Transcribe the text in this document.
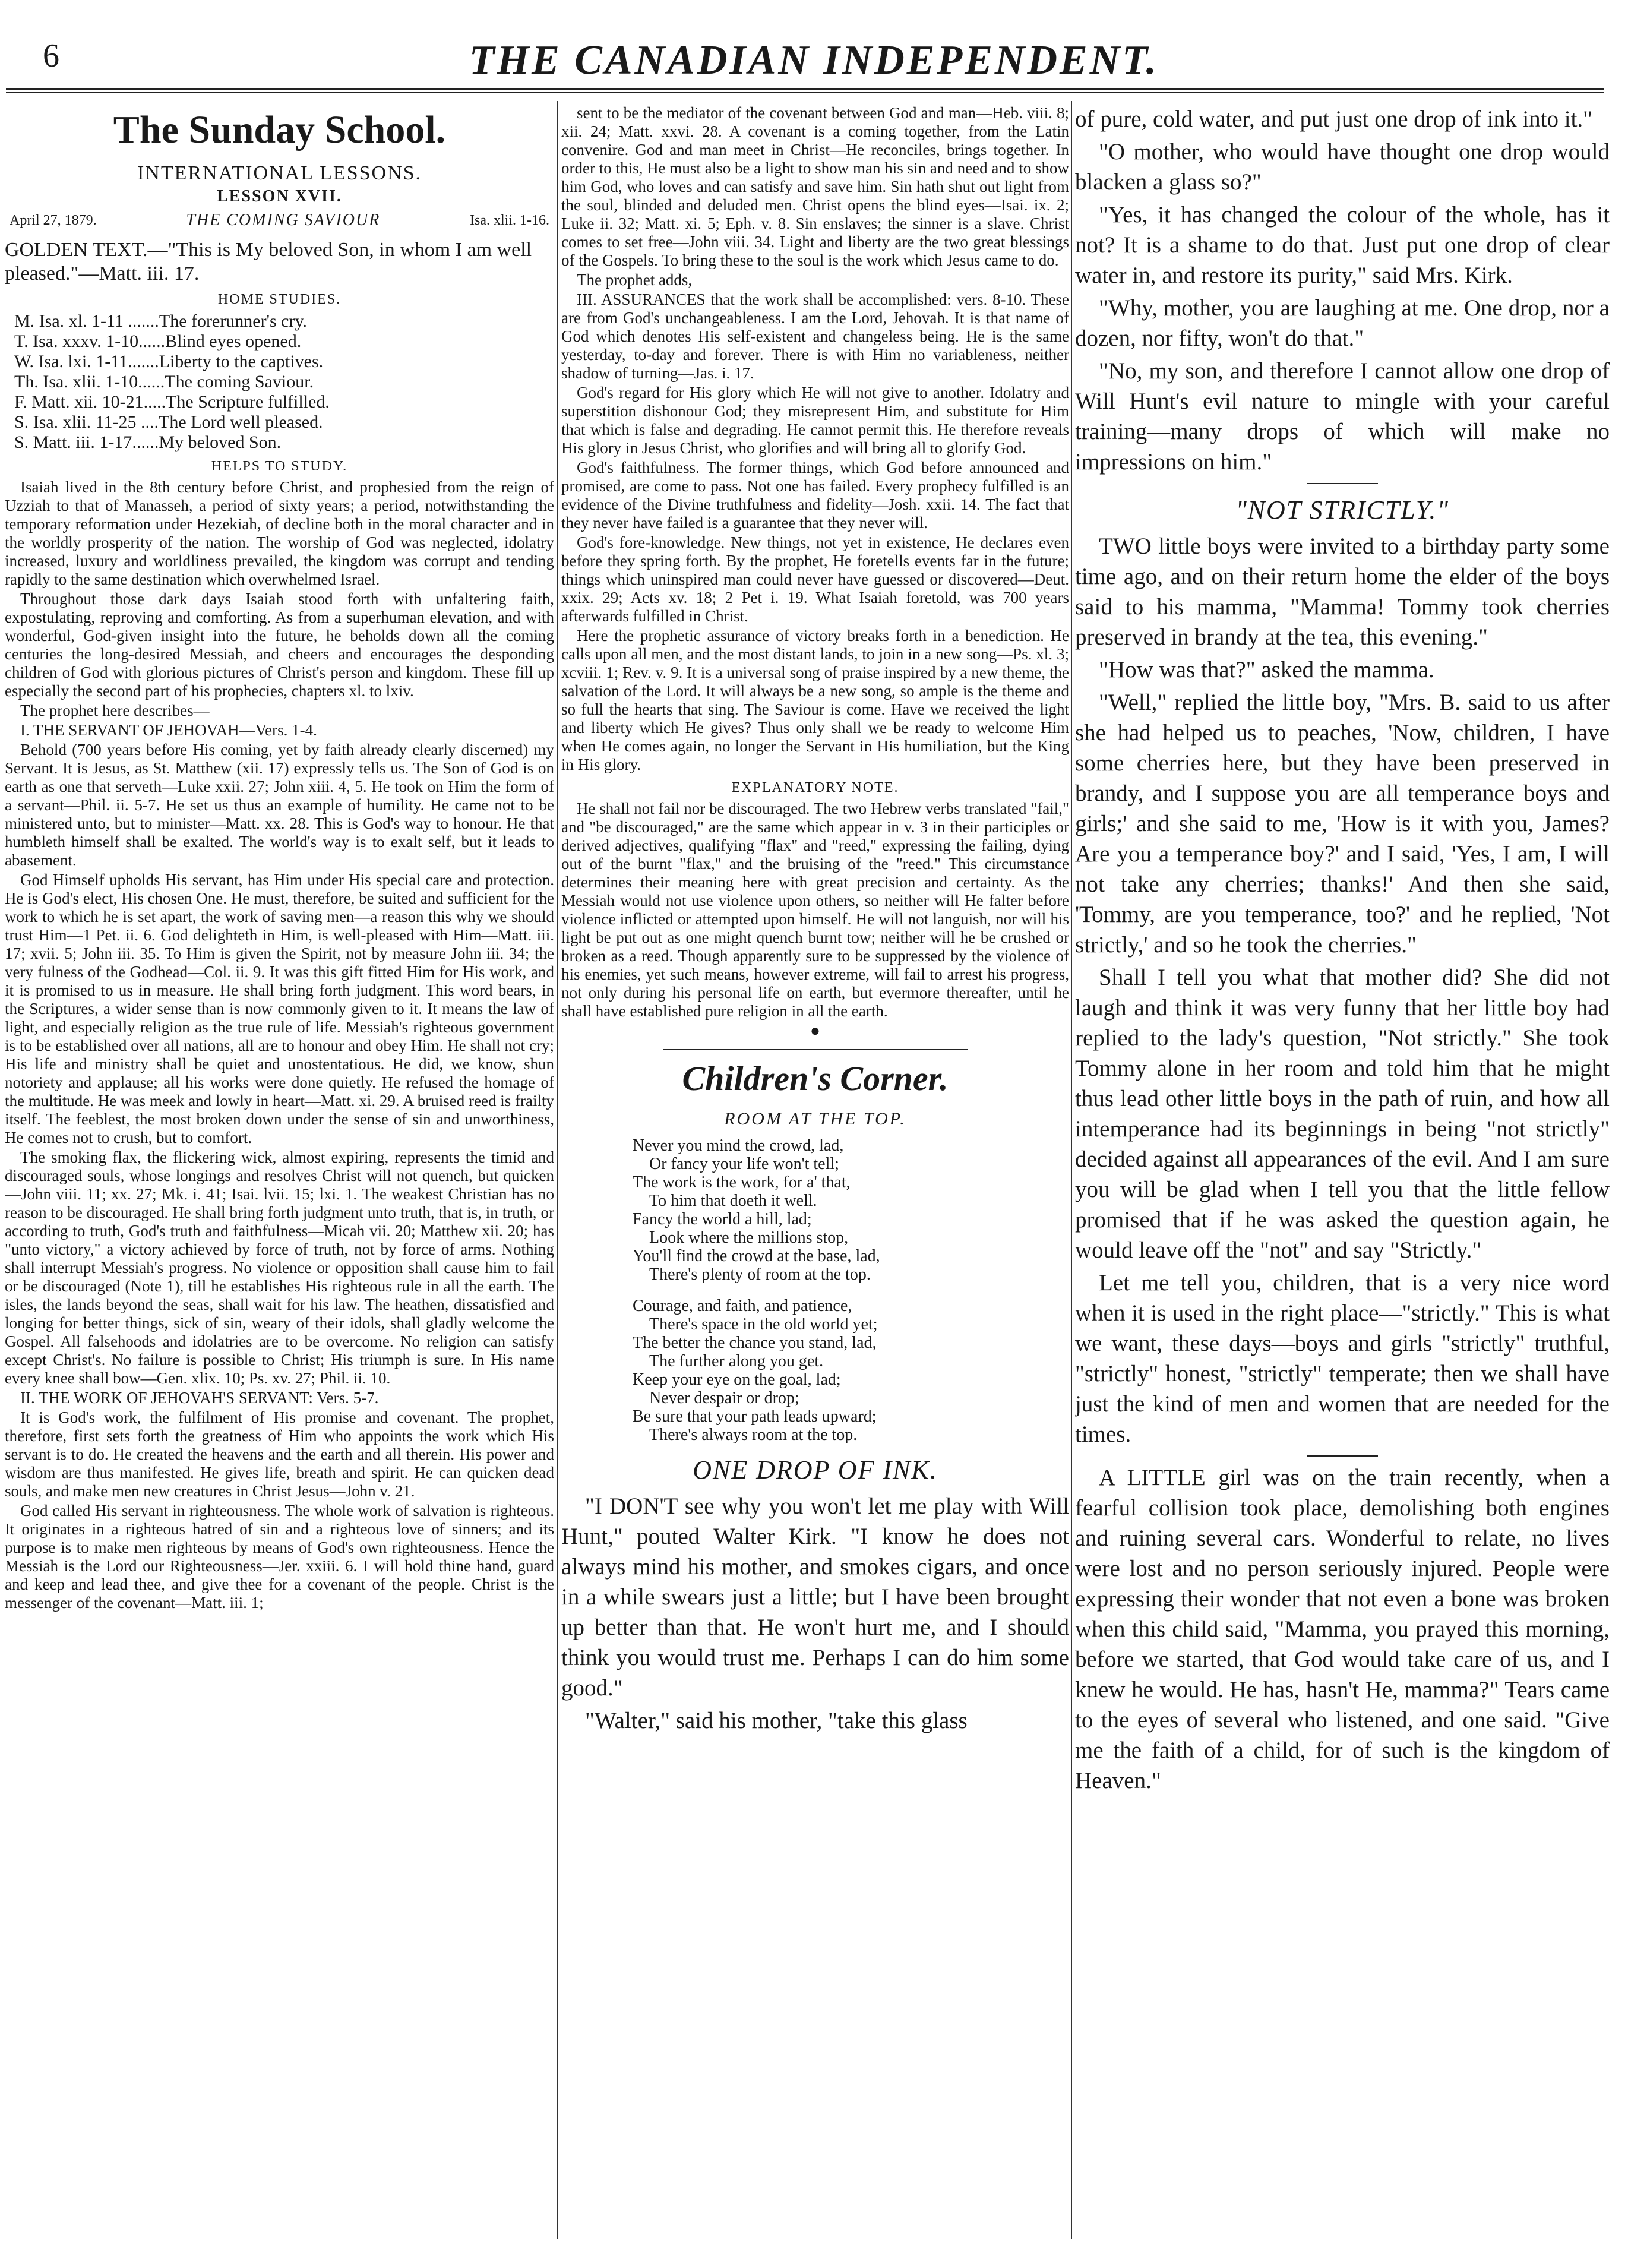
6	THE CANADIAN INDEPENDENT.
The Sunday School.
INTERNATIONAL LESSONS.
LESSON XVII.
April 27, 1879.	THE COMING SAVIOUR	Isa. xlii. 1-16.
GOLDEN TEXT.—"This is My beloved Son, in whom I am well pleased."—Matt. iii. 17.
HOME STUDIES.
M. Isa. xl. 1-11 .......The forerunner's cry.
T. Isa. xxxv. 1-10......Blind eyes opened.
W. Isa. lxi. 1-11.......Liberty to the captives.
Th. Isa. xlii. 1-10......The coming Saviour.
F. Matt. xii. 10-21.....The Scripture fulfilled.
S. Isa. xlii. 11-25 ....The Lord well pleased.
S. Matt. iii. 1-17......My beloved Son.
HELPS TO STUDY.

Isaiah lived in the 8th century before Christ, and prophesied from the reign of Uzziah to that of Manasseh, a period of sixty years; a period, notwithstanding the temporary reformation under Hezekiah, of decline both in the moral character and in the worldly prosperity of the nation. The worship of God was neglected, idolatry increased, luxury and worldliness prevailed, the kingdom was corrupt and tending rapidly to the same destination which overwhelmed Israel.

Throughout those dark days Isaiah stood forth with unfaltering faith, expostulating, reproving and comforting. As from a superhuman elevation, and with wonderful, God-given insight into the future, he beholds down all the coming centuries the long-desired Messiah, and cheers and encourages the desponding children of God with glorious pictures of Christ's person and kingdom. These fill up especially the second part of his prophecies, chapters xl. to lxiv.

The prophet here describes—

I. THE SERVANT OF JEHOVAH—Vers. 1-4.

Behold (700 years before His coming, yet by faith already clearly discerned) my Servant. It is Jesus, as St. Matthew (xii. 17) expressly tells us. The Son of God is on earth as one that serveth—Luke xxii. 27; John xiii. 4, 5. He took on Him the form of a servant—Phil. ii. 5-7. He set us thus an example of humility. He came not to be ministered unto, but to minister—Matt. xx. 28. This is God's way to honour. He that humbleth himself shall be exalted. The world's way is to exalt self, but it leads to abasement.

God Himself upholds His servant, has Him under His special care and protection. He is God's elect, His chosen One. He must, therefore, be suited and sufficient for the work to which he is set apart, the work of saving men—a reason this why we should trust Him—1 Pet. ii. 6. God delighteth in Him, is well-pleased with Him—Matt. iii. 17; xvii. 5; John iii. 35. To Him is given the Spirit, not by measure John iii. 34; the very fulness of the Godhead—Col. ii. 9. It was this gift fitted Him for His work, and it is promised to us in measure. He shall bring forth judgment. This word bears, in the Scriptures, a wider sense than is now commonly given to it. It means the law of light, and especially religion as the true rule of life. Messiah's righteous government is to be established over all nations, all are to honour and obey Him. He shall not cry; His life and ministry shall be quiet and unostentatious. He did, we know, shun notoriety and applause; all his works were done quietly. He refused the homage of the multitude. He was meek and lowly in heart—Matt. xi. 29. A bruised reed is frailty itself. The feeblest, the most broken down under the sense of sin and unworthiness, He comes not to crush, but to comfort.

The smoking flax, the flickering wick, almost expiring, represents the timid and discouraged souls, whose longings and resolves Christ will not quench, but quicken—John viii. 11; xx. 27; Mk. i. 41; Isai. lvii. 15; lxi. 1. The weakest Christian has no reason to be discouraged. He shall bring forth judgment unto truth, that is, in truth, or according to truth, God's truth and faithfulness—Micah vii. 20; Matthew xii. 20; has "unto victory," a victory achieved by force of truth, not by force of arms. Nothing shall interrupt Messiah's progress. No violence or opposition shall cause him to fail or be discouraged (Note 1), till he establishes His righteous rule in all the earth. The isles, the lands beyond the seas, shall wait for his law. The heathen, dissatisfied and longing for better things, sick of sin, weary of their idols, shall gladly welcome the Gospel. All falsehoods and idolatries are to be overcome. No religion can satisfy except Christ's. No failure is possible to Christ; His triumph is sure. In His name every knee shall bow—Gen. xlix. 10; Ps. xv. 27; Phil. ii. 10.

II. THE WORK OF JEHOVAH'S SERVANT: Vers. 5-7.

It is God's work, the fulfilment of His promise and covenant. The prophet, therefore, first sets forth the greatness of Him who appoints the work which His servant is to do. He created the heavens and the earth and all therein. His power and wisdom are thus manifested. He gives life, breath and spirit. He can quicken dead souls, and make men new creatures in Christ Jesus—John v. 21.

God called His servant in righteousness. The whole work of salvation is righteous. It originates in a righteous hatred of sin and a righteous love of sinners; and its purpose is to make men righteous by means of God's own righteousness. Hence the Messiah is the Lord our Righteousness—Jer. xxiii. 6. I will hold thine hand, guard and keep and lead thee, and give thee for a covenant of the people. Christ is the messenger of the covenant—Matt. iii. 1;

sent to be the mediator of the covenant between God and man—Heb. viii. 8; xii. 24; Matt. xxvi. 28. A covenant is a coming together, from the Latin convenire. God and man meet in Christ—He reconciles, brings together. In order to this, He must also be a light to show man his sin and need and to show him God, who loves and can satisfy and save him. Sin hath shut out light from the soul, blinded and deluded men. Christ opens the blind eyes—Isai. ix. 2; Luke ii. 32; Matt. xi. 5; Eph. v. 8. Sin enslaves; the sinner is a slave. Christ comes to set free—John viii. 34. Light and liberty are the two great blessings of the Gospels. To bring these to the soul is the work which Jesus came to do.

The prophet adds,

III. ASSURANCES that the work shall be accomplished: vers. 8-10. These are from God's unchangeableness. I am the Lord, Jehovah. It is that name of God which denotes His self-existent and changeless being. He is the same yesterday, to-day and forever. There is with Him no variableness, neither shadow of turning—Jas. i. 17.

God's regard for His glory which He will not give to another. Idolatry and superstition dishonour God; they misrepresent Him, and substitute for Him that which is false and degrading. He cannot permit this. He therefore reveals His glory in Jesus Christ, who glorifies and will bring all to glorify God.

God's faithfulness. The former things, which God before announced and promised, are come to pass. Not one has failed. Every prophecy fulfilled is an evidence of the Divine truthfulness and fidelity—Josh. xxii. 14. The fact that they never have failed is a guarantee that they never will.

God's fore-knowledge. New things, not yet in existence, He declares even before they spring forth. By the prophet, He foretells events far in the future; things which uninspired man could never have guessed or discovered—Deut. xxix. 29; Acts xv. 18; 2 Pet i. 19. What Isaiah foretold, was 700 years afterwards fulfilled in Christ.

Here the prophetic assurance of victory breaks forth in a benediction. He calls upon all men, and the most distant lands, to join in a new song—Ps. xl. 3; xcviii. 1; Rev. v. 9. It is a universal song of praise inspired by a new theme, the salvation of the Lord. It will always be a new song, so ample is the theme and so full the hearts that sing. The Saviour is come. Have we received the light and liberty which He gives? Thus only shall we be ready to welcome Him when He comes again, no longer the Servant in His humiliation, but the King in His glory.

EXPLANATORY NOTE.

He shall not fail nor be discouraged. The two Hebrew verbs translated "fail," and "be discouraged," are the same which appear in v. 3 in their participles or derived adjectives, qualifying "flax" and "reed," expressing the failing, dying out of the burnt "flax," and the bruising of the "reed." This circumstance determines their meaning here with great precision and certainty. As the Messiah would not use violence upon others, so neither will He falter before violence inflicted or attempted upon himself. He will not languish, nor will his light be put out as one might quench burnt tow; neither will he be crushed or broken as a reed. Though apparently sure to be suppressed by the violence of his enemies, yet such means, however extreme, will fail to arrest his progress, not only during his personal life on earth, but evermore thereafter, until he shall have established pure religion in all the earth.

●
Children's Corner.
ROOM AT THE TOP.
Never you mind the crowd, lad,
Or fancy your life won't tell;
The work is the work, for a' that,
To him that doeth it well.
Fancy the world a hill, lad;
Look where the millions stop,
You'll find the crowd at the base, lad,
There's plenty of room at the top.
Courage, and faith, and patience,
There's space in the old world yet;
The better the chance you stand, lad,
The further along you get.
Keep your eye on the goal, lad;
Never despair or drop;
Be sure that your path leads upward;
There's always room at the top.
ONE DROP OF INK.

"I DON'T see why you won't let me play with Will Hunt," pouted Walter Kirk. "I know he does not always mind his mother, and smokes cigars, and once in a while swears just a little; but I have been brought up better than that. He won't hurt me, and I should think you would trust me. Perhaps I can do him some good."

"Walter," said his mother, "take this glass

of pure, cold water, and put just one drop of ink into it."

"O mother, who would have thought one drop would blacken a glass so?"

"Yes, it has changed the colour of the whole, has it not? It is a shame to do that. Just put one drop of clear water in, and restore its purity," said Mrs. Kirk.

"Why, mother, you are laughing at me. One drop, nor a dozen, nor fifty, won't do that."

"No, my son, and therefore I cannot allow one drop of Will Hunt's evil nature to mingle with your careful training—many drops of which will make no impressions on him."

"NOT STRICTLY."

TWO little boys were invited to a birthday party some time ago, and on their return home the elder of the boys said to his mamma, "Mamma! Tommy took cherries preserved in brandy at the tea, this evening."

"How was that?" asked the mamma.

"Well," replied the little boy, "Mrs. B. said to us after she had helped us to peaches, 'Now, children, I have some cherries here, but they have been preserved in brandy, and I suppose you are all temperance boys and girls;' and she said to me, 'How is it with you, James? Are you a temperance boy?' and I said, 'Yes, I am, I will not take any cherries; thanks!' And then she said, 'Tommy, are you temperance, too?' and he replied, 'Not strictly,' and so he took the cherries."

Shall I tell you what that mother did? She did not laugh and think it was very funny that her little boy had replied to the lady's question, "Not strictly." She took Tommy alone in her room and told him that he might thus lead other little boys in the path of ruin, and how all intemperance had its beginnings in being "not strictly" decided against all appearances of the evil. And I am sure you will be glad when I tell you that the little fellow promised that if he was asked the question again, he would leave off the "not" and say "Strictly."

Let me tell you, children, that is a very nice word when it is used in the right place—"strictly." This is what we want, these days—boys and girls "strictly" truthful, "strictly" honest, "strictly" temperate; then we shall have just the kind of men and women that are needed for the times.

A LITTLE girl was on the train recently, when a fearful collision took place, demolishing both engines and ruining several cars. Wonderful to relate, no lives were lost and no person seriously injured. People were expressing their wonder that not even a bone was broken when this child said, "Mamma, you prayed this morning, before we started, that God would take care of us, and I knew he would. He has, hasn't He, mamma?" Tears came to the eyes of several who listened, and one said. "Give me the faith of a child, for of such is the kingdom of Heaven."
